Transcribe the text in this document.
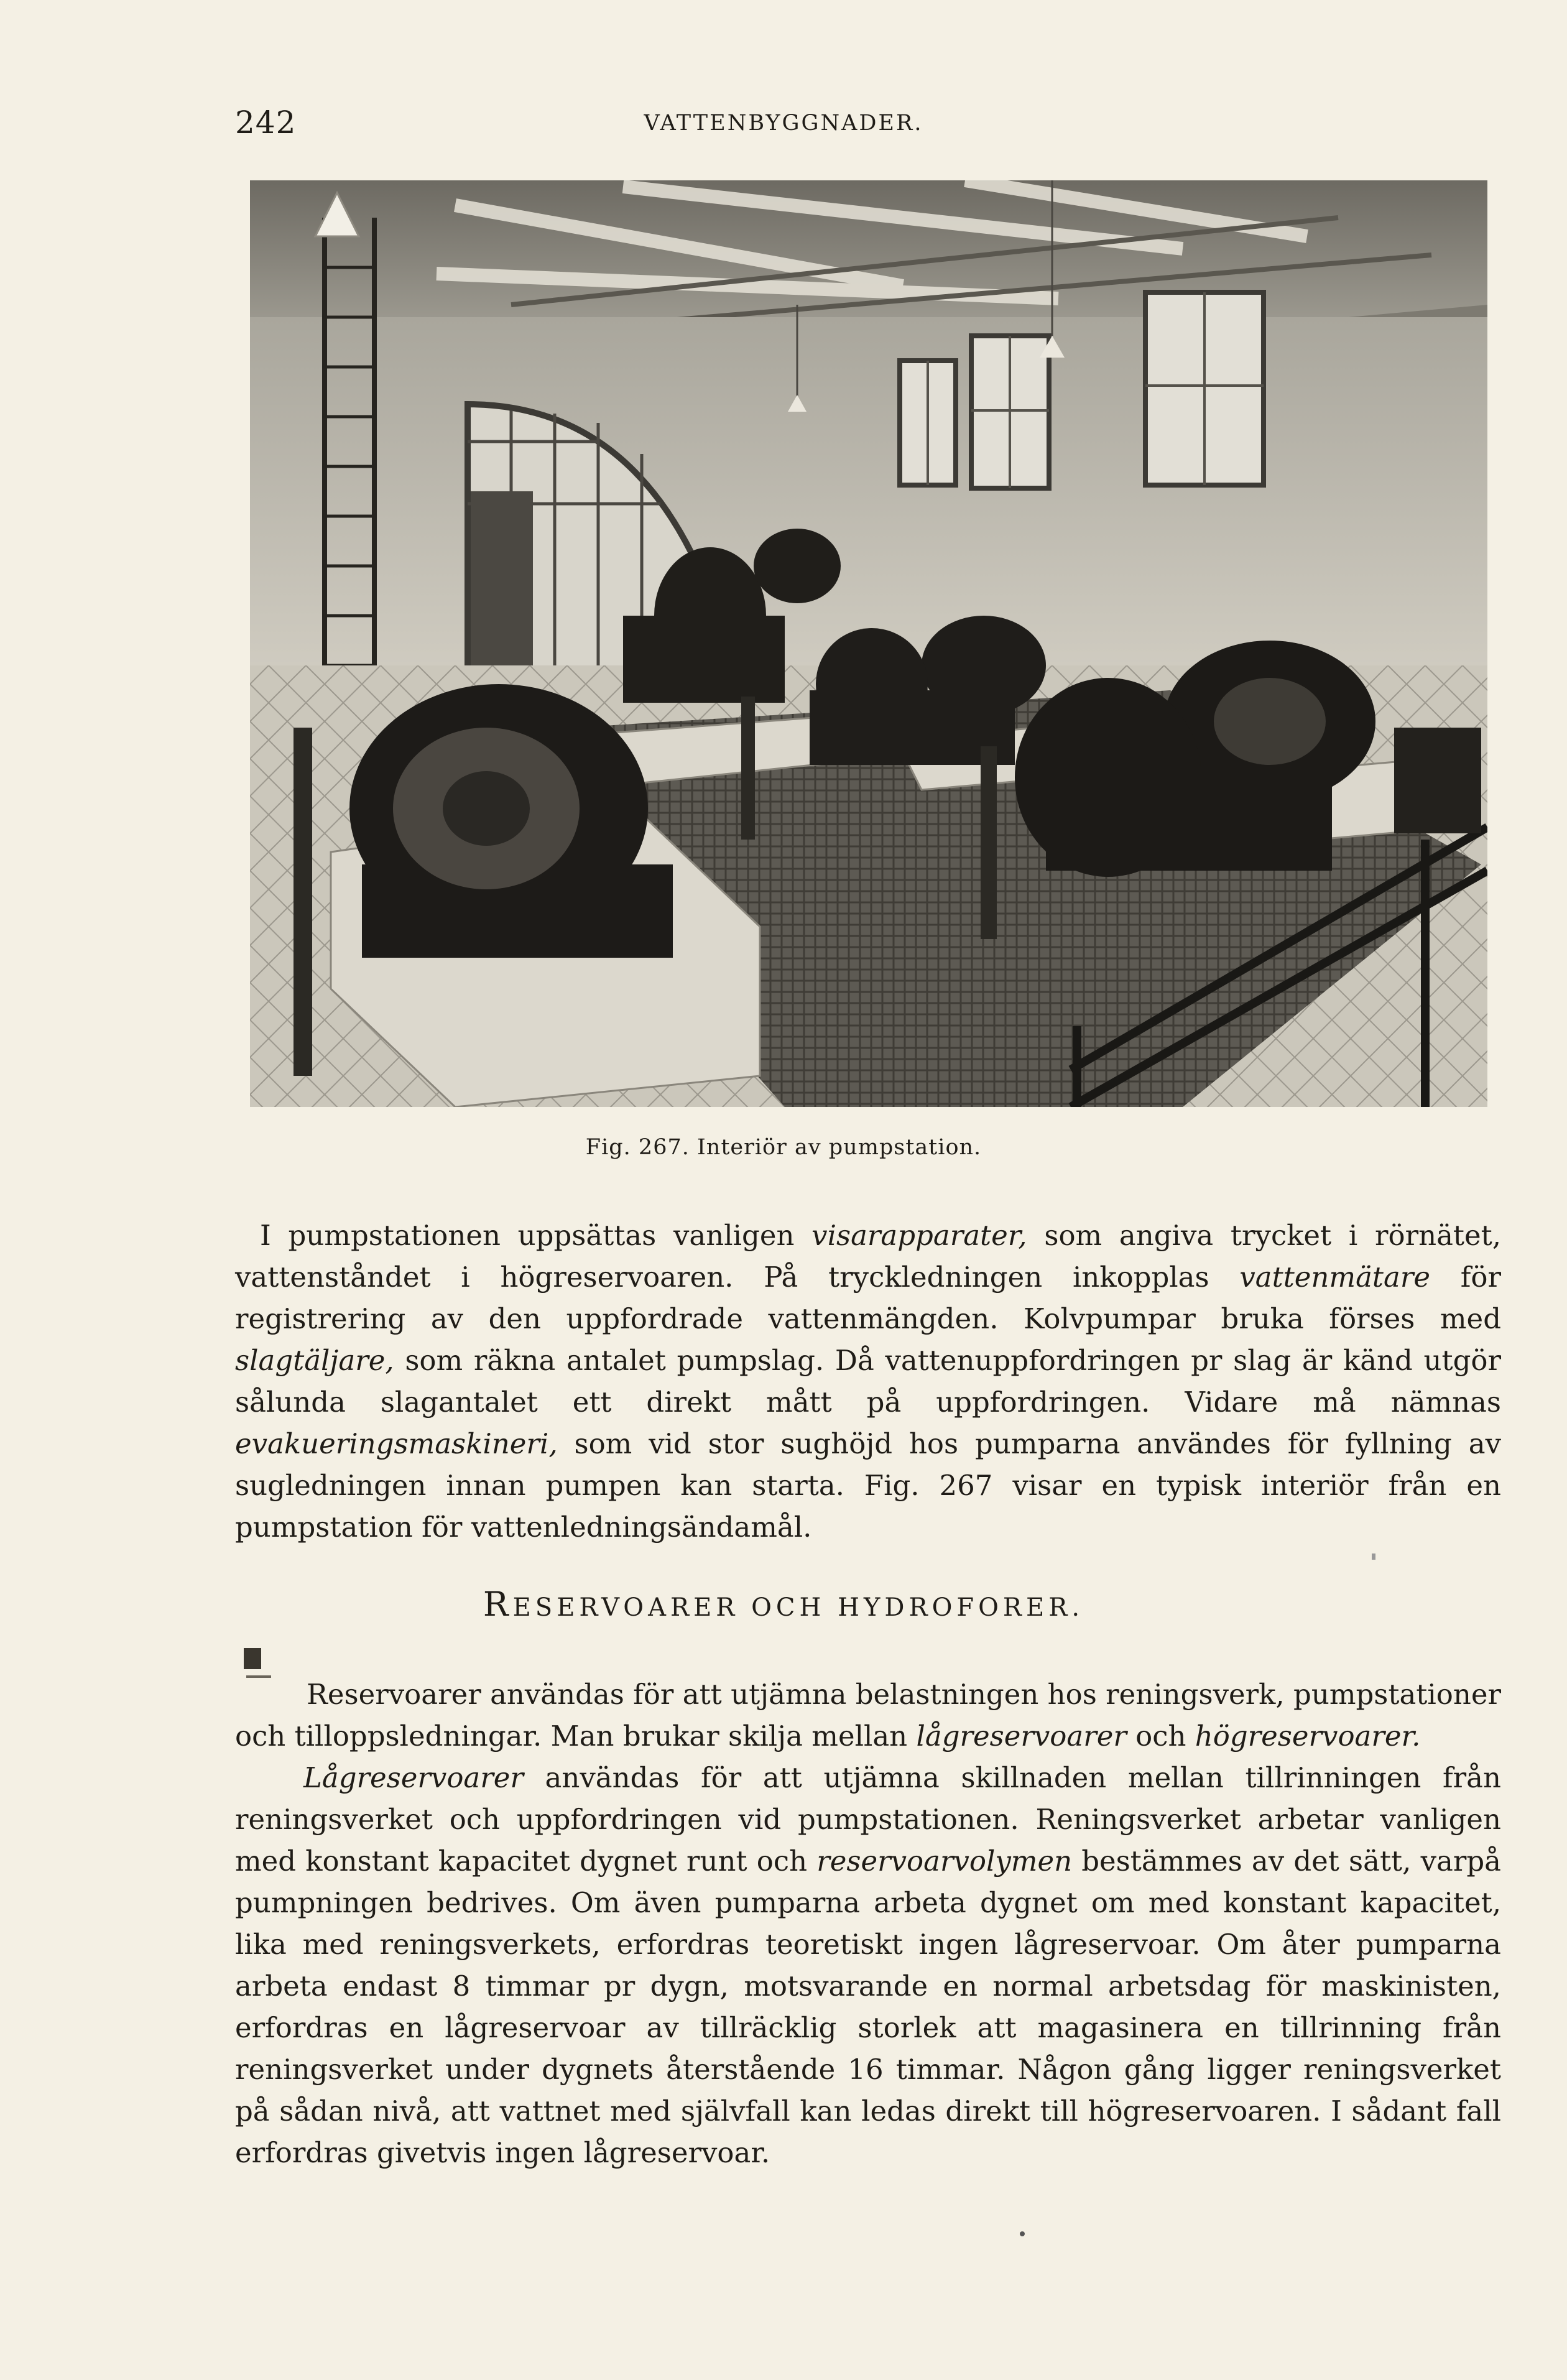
242	VATTENBYGGNADER.
Fig. 267. Interiör av pumpstation.

I pumpstationen uppsättas vanligen visarapparater, som angiva trycket i rörnätet, vattenståndet i högreservoaren. På tryckledningen inkopplas vattenmätare för registrering av den uppfordrade vattenmängden. Kolvpumpar bruka förses med slagtäljare, som räkna antalet pumpslag. Då vattenuppfordringen pr slag är känd utgör sålunda slagantalet ett direkt mått på uppfordringen. Vidare må nämnas evakueringsmaskineri, som vid stor sughöjd hos pumparna användes för fyllning av sugledningen innan pumpen kan starta. Fig. 267 visar en typisk interiör från en pumpstation för vattenledningsändamål.

RESERVOARER OCH HYDROFORER.

Reservoarer användas för att utjämna belastningen hos reningsverk, pumpstationer och tilloppsledningar. Man brukar skilja mellan lågreservoarer och högreservoarer.

Lågreservoarer användas för att utjämna skillnaden mellan tillrinningen från reningsverket och uppfordringen vid pumpstationen. Reningsverket arbetar vanligen med konstant kapacitet dygnet runt och reservoarvolymen bestämmes av det sätt, varpå pumpningen bedrives. Om även pumparna arbeta dygnet om med konstant kapacitet, lika med reningsverkets, erfordras teoretiskt ingen lågreservoar. Om åter pumparna arbeta endast 8 timmar pr dygn, motsvarande en normal arbetsdag för maskinisten, erfordras en lågreservoar av tillräcklig storlek att magasinera en tillrinning från reningsverket under dygnets återstående 16 timmar. Någon gång ligger reningsverket på sådan nivå, att vattnet med självfall kan ledas direkt till högreservoaren. I sådant fall erfordras givetvis ingen lågreservoar.
